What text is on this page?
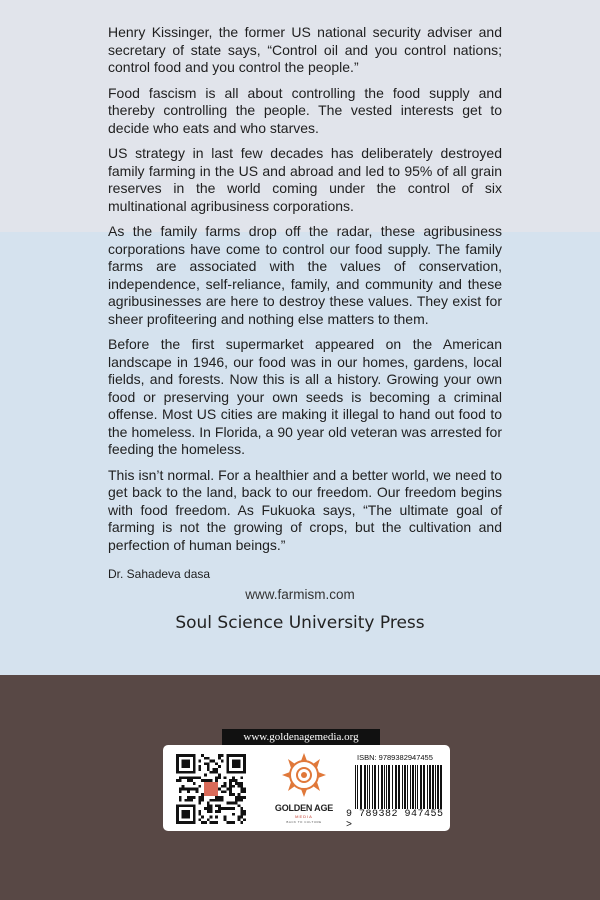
Henry Kissinger, the former US national security adviser and secretary of state says, “Control oil and you control nations; control food and you control the people.”

Food fascism is all about controlling the food supply and thereby controlling the people. The vested interests get to decide who eats and who starves.

US strategy in last few decades has deliberately destroyed family farming in the US and abroad and led to 95% of all grain reserves in the world coming under the control of six multinational agribusiness corporations.

As the family farms drop off the radar, these agribusiness corporations have come to control our food supply. The family farms are associated with the values of conservation, independence, self-reliance, family, and community and these agribusinesses are here to destroy these values. They exist for sheer profiteering and nothing else matters to them.

Before the first supermarket appeared on the American landscape in 1946, our food was in our homes, gardens, local fields, and forests. Now this is all a history. Growing your own food or preserving your own seeds is becoming a criminal offense. Most US cities are making it illegal to hand out food to the homeless. In Florida, a 90 year old veteran was arrested for feeding the homeless.

This isn’t normal. For a healthier and a better world, we need to get back to the land, back to our freedom. Our freedom begins with food freedom. As Fukuoka says, “The ultimate goal of farming is not the growing of crops, but the cultivation and perfection of human beings.”

Dr. Sahadeva dasa
www.farmism.com
Soul Science University Press
www.goldenagemedia.org
GOLDEN AGE
MEDIA
BACK TO CULTURE
ISBN: 9789382947455
9 789382 947455 >
